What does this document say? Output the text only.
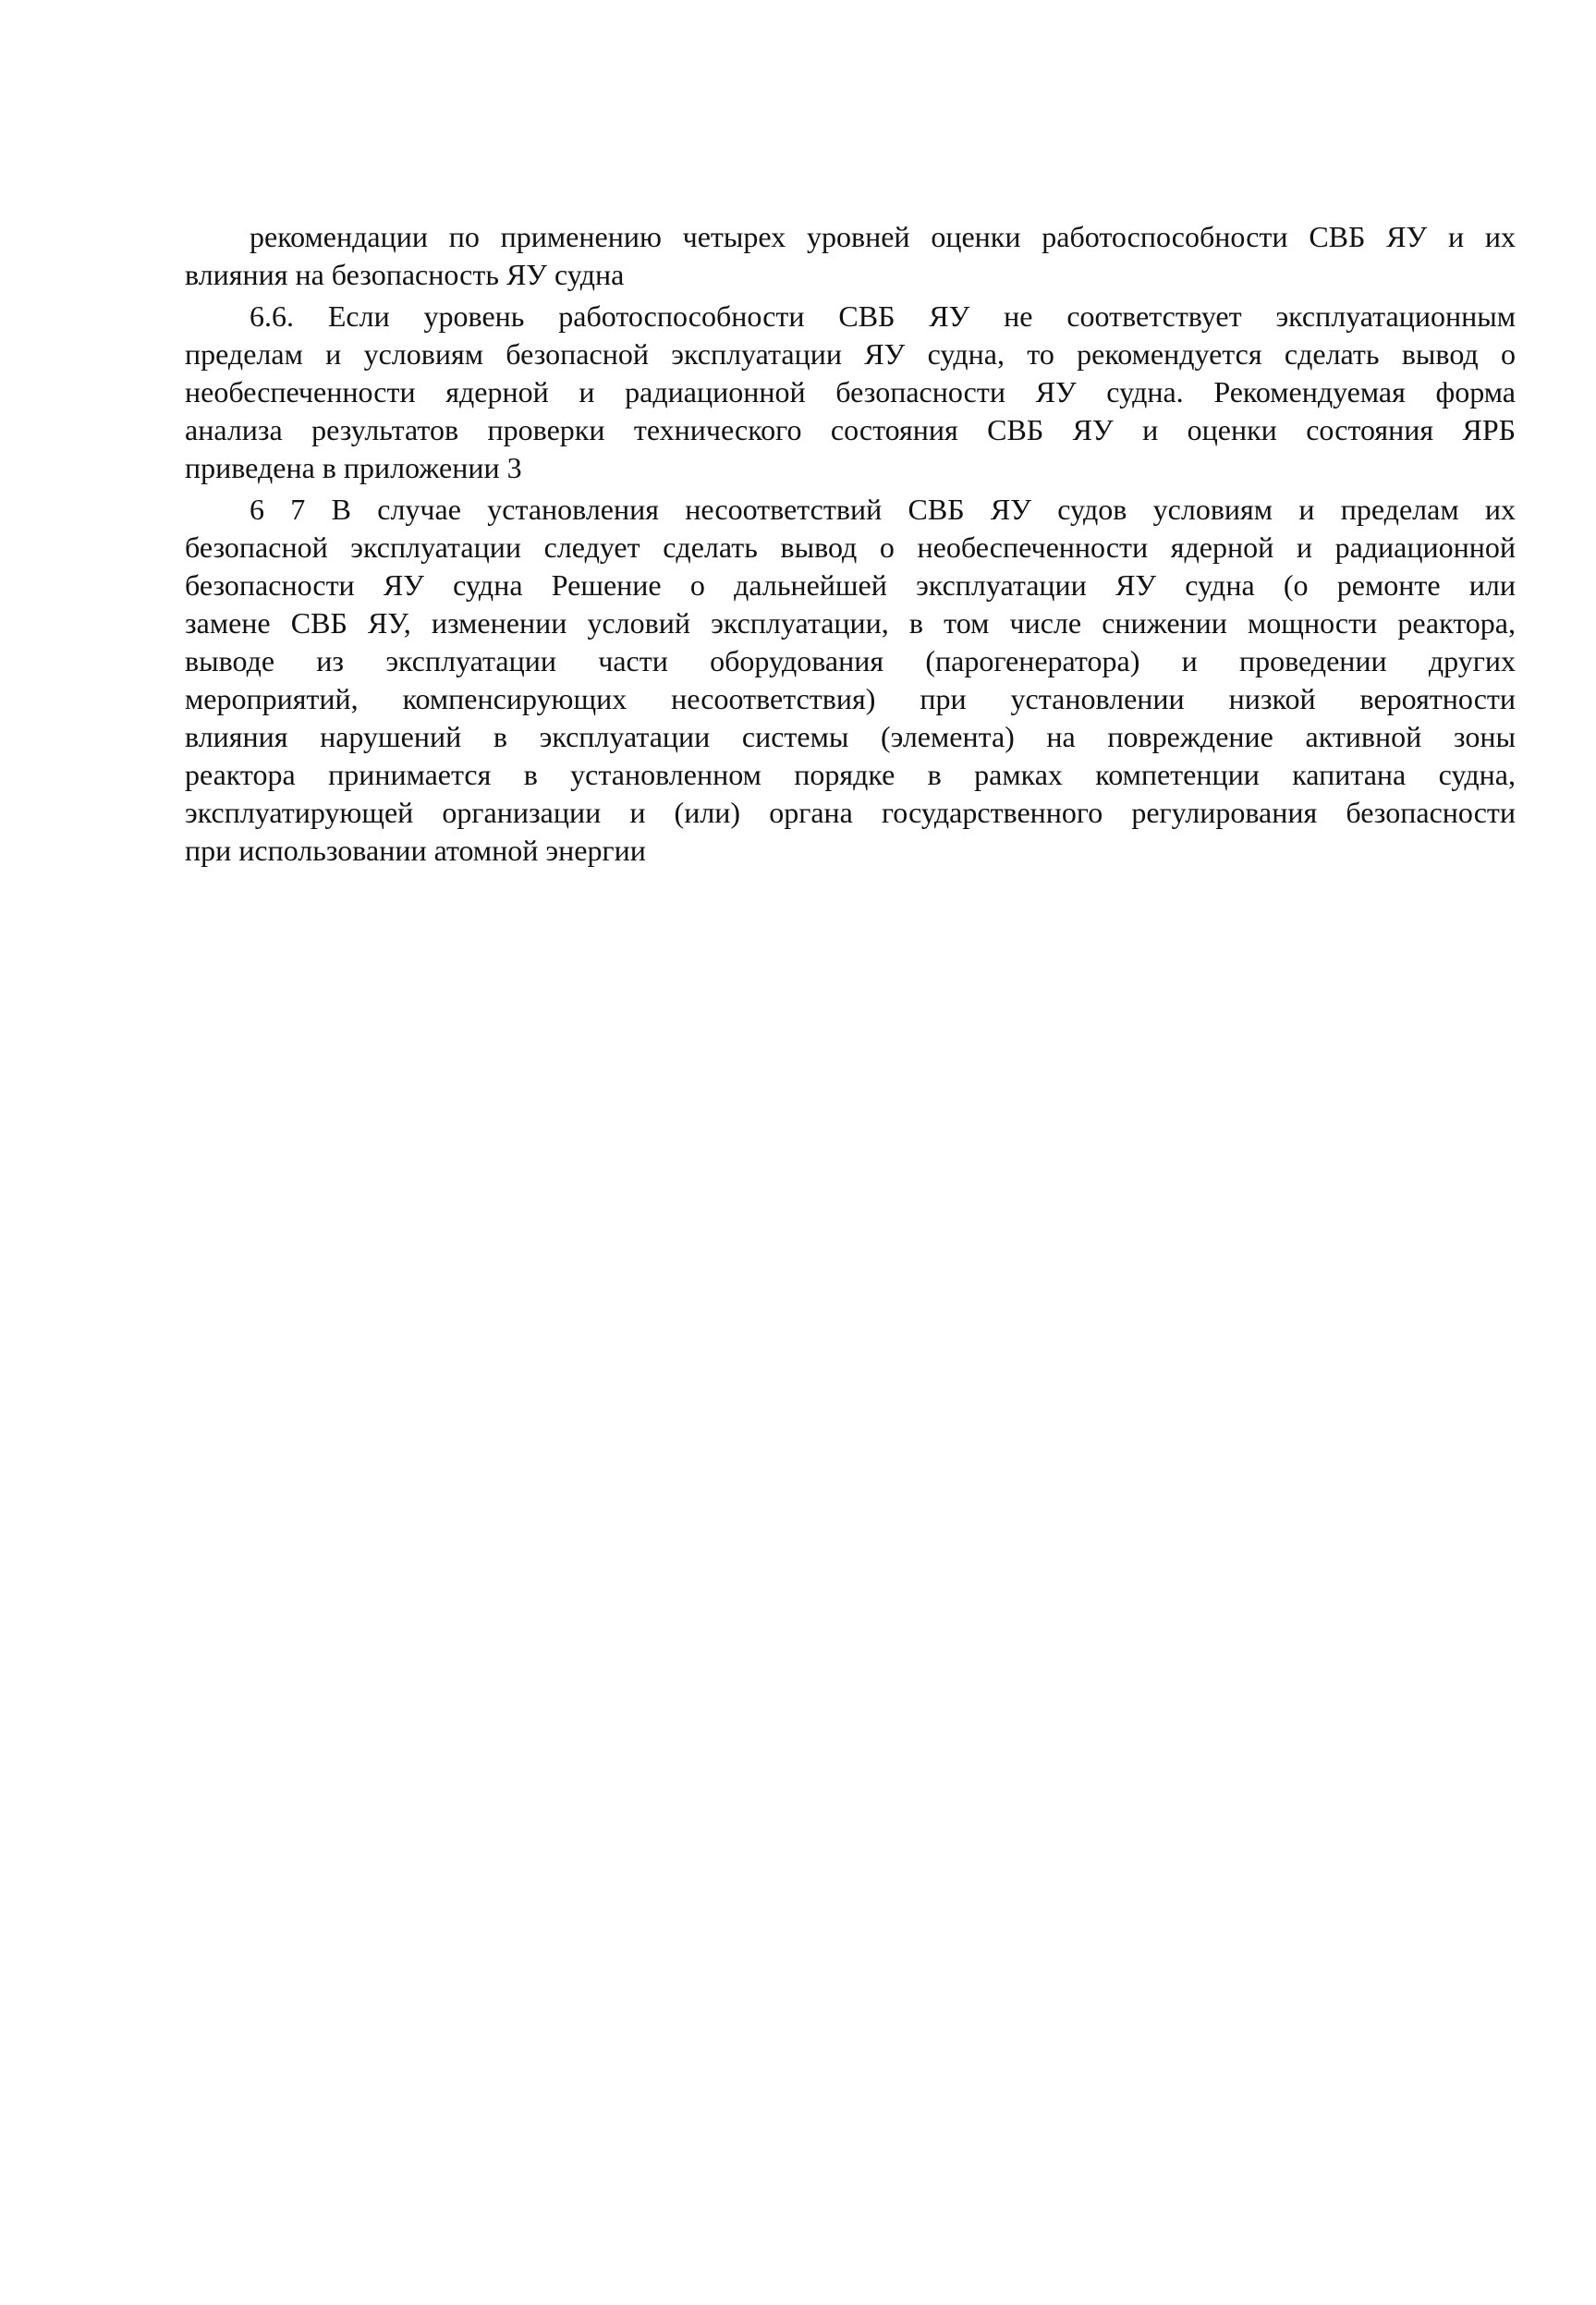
рекомендации по применению четырех уровней оценки работоспособности СВБ ЯУ и их
влияния на безопасность ЯУ судна
6.6. Если уровень работоспособности СВБ ЯУ не соответствует эксплуатационным
пределам и условиям безопасной эксплуатации ЯУ судна, то рекомендуется сделать вывод о
необеспеченности ядерной и радиационной безопасности ЯУ судна. Рекомендуемая форма
анализа результатов проверки технического состояния СВБ ЯУ и оценки состояния ЯРБ
приведена в приложении 3
6 7 В случае установления несоответствий СВБ ЯУ судов условиям и пределам их
безопасной эксплуатации следует сделать вывод о необеспеченности ядерной и радиационной
безопасности ЯУ судна Решение о дальнейшей эксплуатации ЯУ судна (о ремонте или
замене СВБ ЯУ, изменении условий эксплуатации, в том числе снижении мощности реактора,
выводе из эксплуатации части оборудования (парогенератора) и проведении других
мероприятий, компенсирующих несоответствия) при установлении низкой вероятности
влияния нарушений в эксплуатации системы (элемента) на повреждение активной зоны
реактора принимается в установленном порядке в рамках компетенции капитана судна,
эксплуатирующей организации и (или) органа государственного регулирования безопасности
при использовании атомной энергии
